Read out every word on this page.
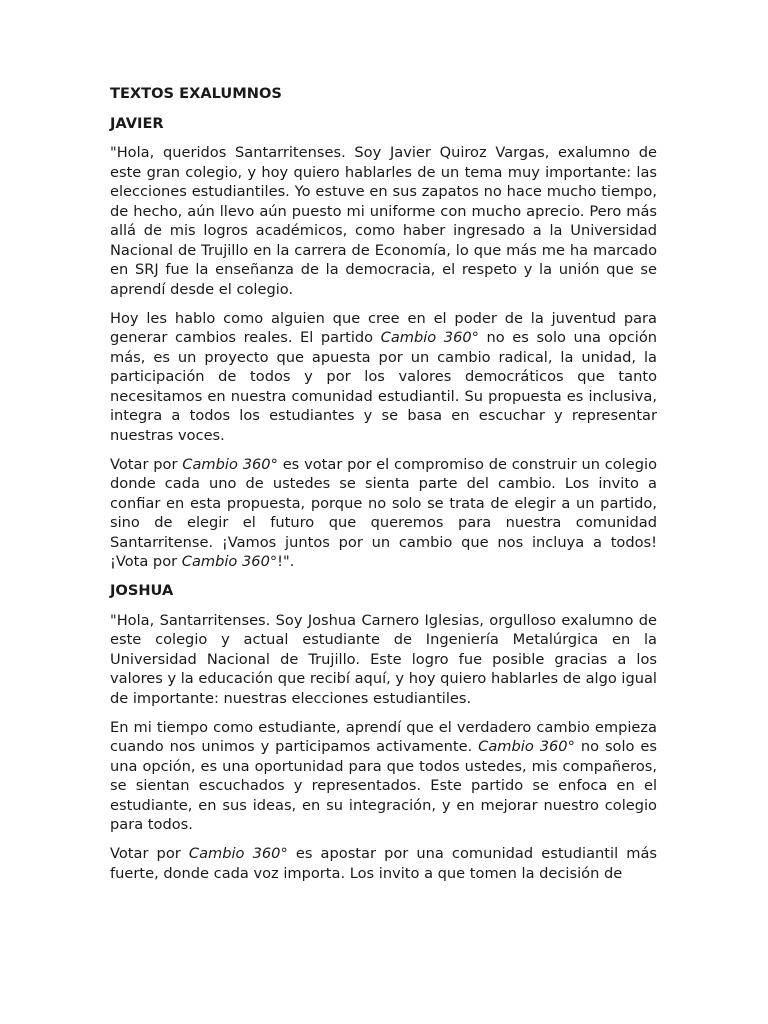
TEXTOS EXALUMNOS
JAVIER

"Hola, queridos Santarritenses. Soy Javier Quiroz Vargas, exalumno de este gran colegio, y hoy quiero hablarles de un tema muy importante: las elecciones estudiantiles. Yo estuve en sus zapatos no hace mucho tiempo, de hecho, aún llevo aún puesto mi uniforme con mucho aprecio. Pero más allá de mis logros académicos, como haber ingresado a la Universidad Nacional de Trujillo en la carrera de Economía, lo que más me ha marcado en SRJ fue la enseñanza de la democracia, el respeto y la unión que se aprendí desde el colegio.

Hoy les hablo como alguien que cree en el poder de la juventud para generar cambios reales. El partido Cambio 360° no es solo una opción más, es un proyecto que apuesta por un cambio radical, la unidad, la participación de todos y por los valores democráticos que tanto necesitamos en nuestra comunidad estudiantil. Su propuesta es inclusiva, integra a todos los estudiantes y se basa en escuchar y representar nuestras voces.

Votar por Cambio 360° es votar por el compromiso de construir un colegio donde cada uno de ustedes se sienta parte del cambio. Los invito a confiar en esta propuesta, porque no solo se trata de elegir a un partido, sino de elegir el futuro que queremos para nuestra comunidad Santarritense. ¡Vamos juntos por un cambio que nos incluya a todos! ¡Vota por Cambio 360°!".

JOSHUA

"Hola, Santarritenses. Soy Joshua Carnero Iglesias, orgulloso exalumno de este colegio y actual estudiante de Ingeniería Metalúrgica en la Universidad Nacional de Trujillo. Este logro fue posible gracias a los valores y la educación que recibí aquí, y hoy quiero hablarles de algo igual de importante: nuestras elecciones estudiantiles.

En mi tiempo como estudiante, aprendí que el verdadero cambio empieza cuando nos unimos y participamos activamente. Cambio 360° no solo es una opción, es una oportunidad para que todos ustedes, mis compañeros, se sientan escuchados y representados. Este partido se enfoca en el estudiante, en sus ideas, en su integración, y en mejorar nuestro colegio para todos.

Votar por Cambio 360° es apostar por una comunidad estudiantil más fuerte, donde cada voz importa. Los invito a que tomen la decisión de
